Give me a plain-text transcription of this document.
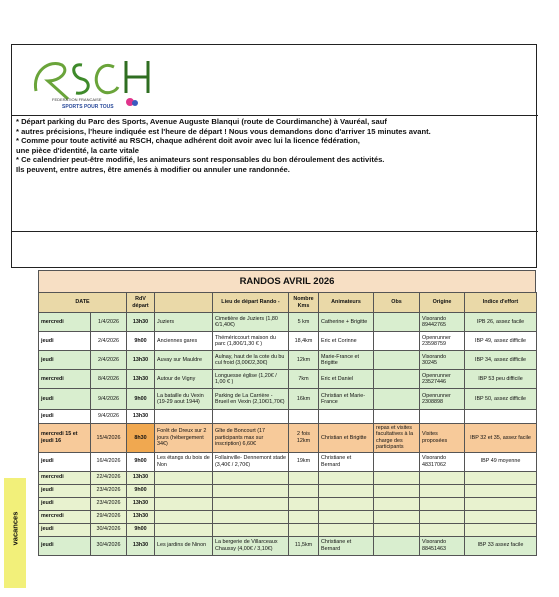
FEDERATION FRANCAISE
SPORTS POUR TOUS
* Départ parking du Parc des Sports, Avenue Auguste Blanqui (route de Courdimanche) à Vauréal, sauf
* autres précisions, l'heure indiquée est l'heure de départ ! Nous vous demandons donc d'arriver 15 minutes avant.
* Comme pour toute activité au RSCH, chaque adhérent doit avoir avec lui la licence fédération,
une pièce d'identité, la carte vitale
* Ce calendrier peut-être modifié, les animateurs sont responsables du bon déroulement des activités.
Ils peuvent, entre autres, être amenés à modifier ou annuler une randonnée.
vacances
RANDOS AVRIL 2026
DATE		RdV départ		Lieu de départ Rando -	Nombre Kms	Animateurs	Obs	Origine	Indice d'effort
mercredi	1/4/2026	13h30	Juziers	Cimetière de Juziers (1,80 €/1,40€)	5 km	Catherine + Brigitte		Visorando 89442765	IPB 26, assez facile
jeudi	2/4/2026	9h00	Anciennes gares	Thémériccourt maison du parc (1,80€/1,30 € )	18,4km	Eric et Corinne		Openrunner 23598759	IBP 49, assez difficile
jeudi	2/4/2026	13h30	Auvay sur Mauldre	Aulnay, haut de la cote du bu cul froid (3,00€/2,30€)	12km	Marie-France et Brigitte		Visorando 30245	IBP 34, assez difficile
mercredi	8/4/2026	13h30	Autour de Vigny	Longuesse église (1,20€ / 1,00 € )	7km	Eric et Daniel		Openrunner 23527446	IBP 53 peu difficile
jeudi	9/4/2026	9h00	La bataille du Vexin (19-29 aout 1944)	Parking de La Carrière - Brueil en Vexin (2,10€/1,70€)	16km	Christian et Marie-France		Openrunner 2308898	IBP 50, assez difficile
jeudi	9/4/2026	13h30							
mercredi 15 et jeudi 16	15/4/2026	8h30	Forêt de Dreux sur 2 jours (hébergement 34€)	Gîte de Boncourt (17 participants max sur inscription) 6,60€	2 fois 12km	Christian et Brigitte	repas et visites facultatives à la charge des participants	Visites proposées	IBP 32 et 35, assez facile
jeudi	16/4/2026	9h00	Les étangs du bois de Non	Follainville- Dennemont stade (3,40€ / 2,70€)	19km	Christiane et Bernard		Visorando 48317062	IBP 49 moyenne
mercredi	22/4/2026	13h30							
jeudi	23/4/2026	9h00							
jeudi	23/4/2026	13h30							
mercredi	29/4/2026	13h30							
jeudi	30/4/2026	9h00							
jeudi	30/4/2026	13h30	Les jardins de Ninon	La bergerie de Villarceaux Chaussy (4,00€ / 3,10€)	11,5km	Christiane et Bernard		Visorando 88451463	IBP 33 assez facile
